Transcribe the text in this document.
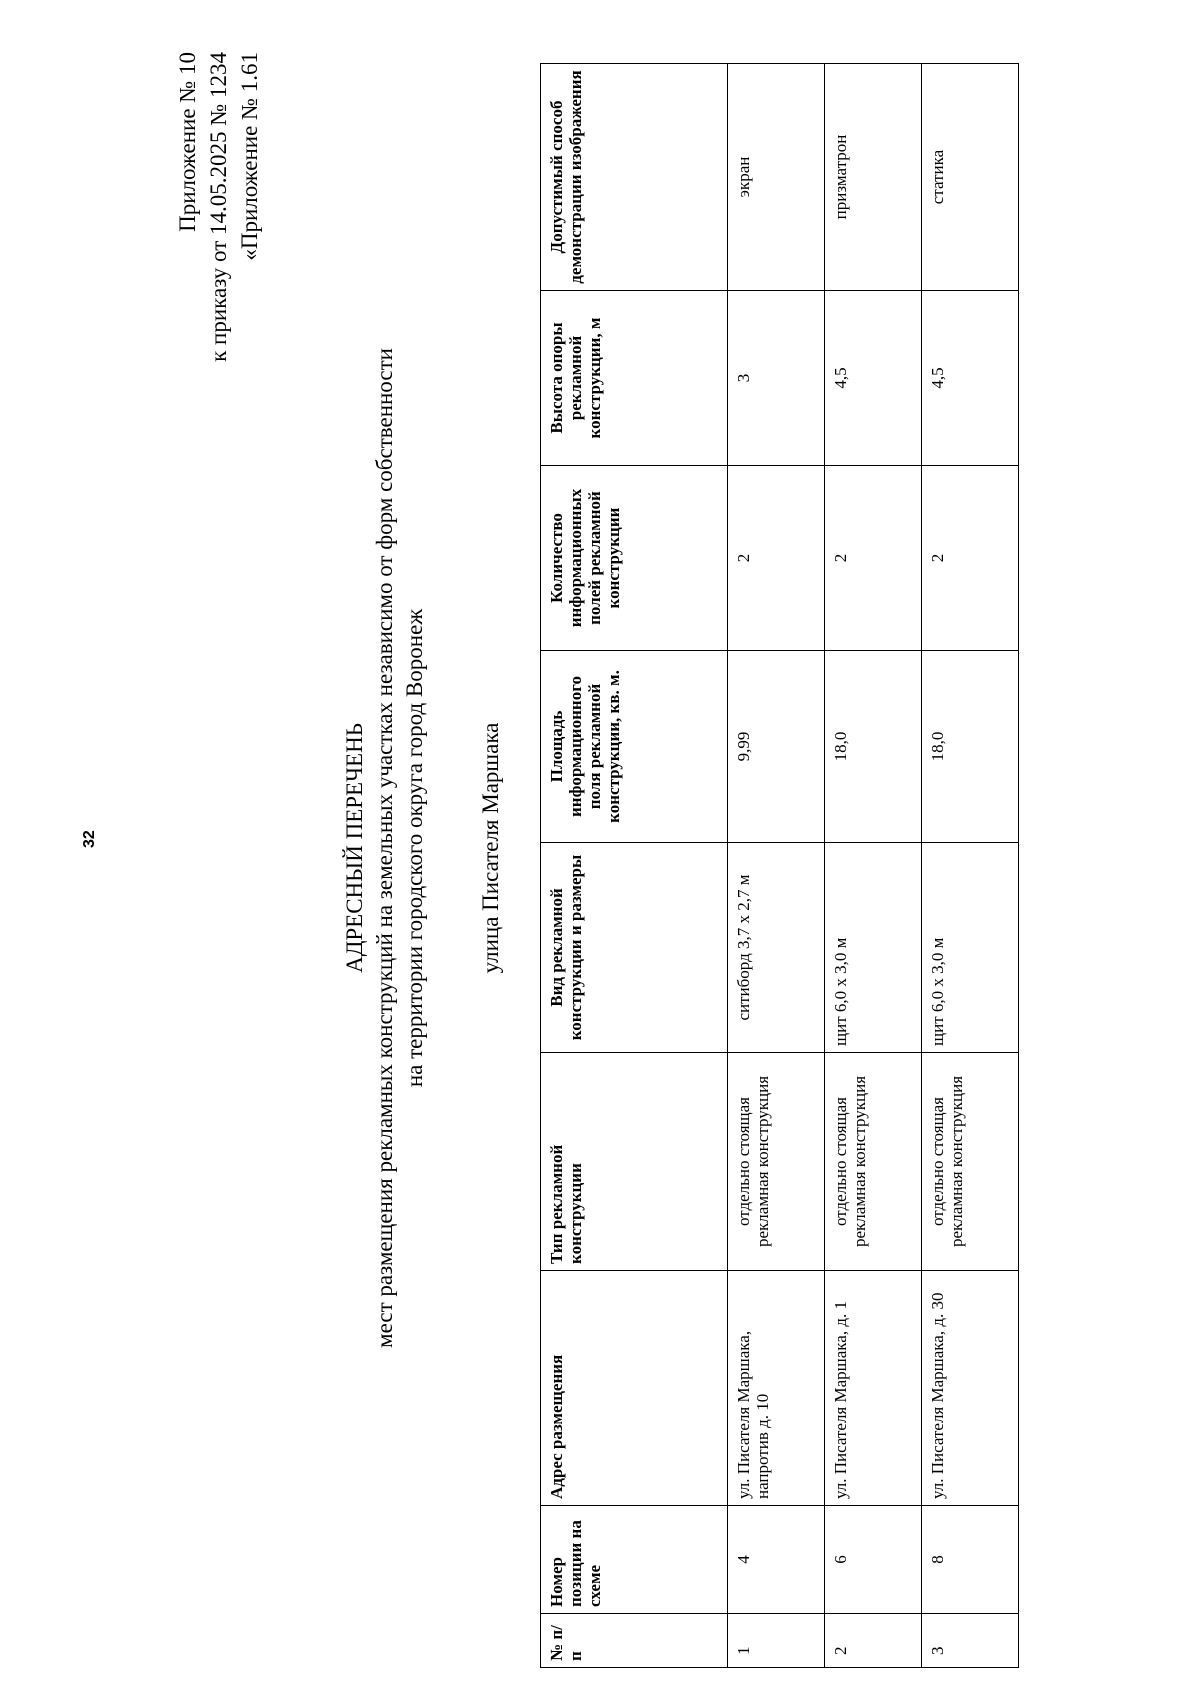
32
Приложение № 10 к приказу от 14.05.2025 № 1234 «Приложение № 1.61
АДРЕСНЫЙ ПЕРЕЧЕНЬ мест размещения рекламных конструкций на земельных участках независимо от форм собственности на территории городского округа город Воронеж улица Писателя Маршака
№ п/п	Номер позиции на схеме	Адрес размещения	Тип рекламной конструкции	Вид рекламной конструкции и размеры	Площадь информационного поля рекламной конструкции, кв. м.	Количество информационных полей рекламной конструкции	Высота опоры рекламной конструкции, м	Допустимый способ демонстрации изображения
1	4	ул. Писателя Маршака, напротив д. 10	отдельно стоящая рекламная конструкция	ситиборд 3,7 х 2,7 м	9,99	2	3	экран
2	6	ул. Писателя Маршака, д. 1	отдельно стоящая рекламная конструкция	щит 6,0 х 3,0 м	18,0	2	4,5	призматрон
3	8	ул. Писателя Маршака, д. 30	отдельно стоящая рекламная конструкция	щит 6,0 х 3,0 м	18,0	2	4,5	статика
